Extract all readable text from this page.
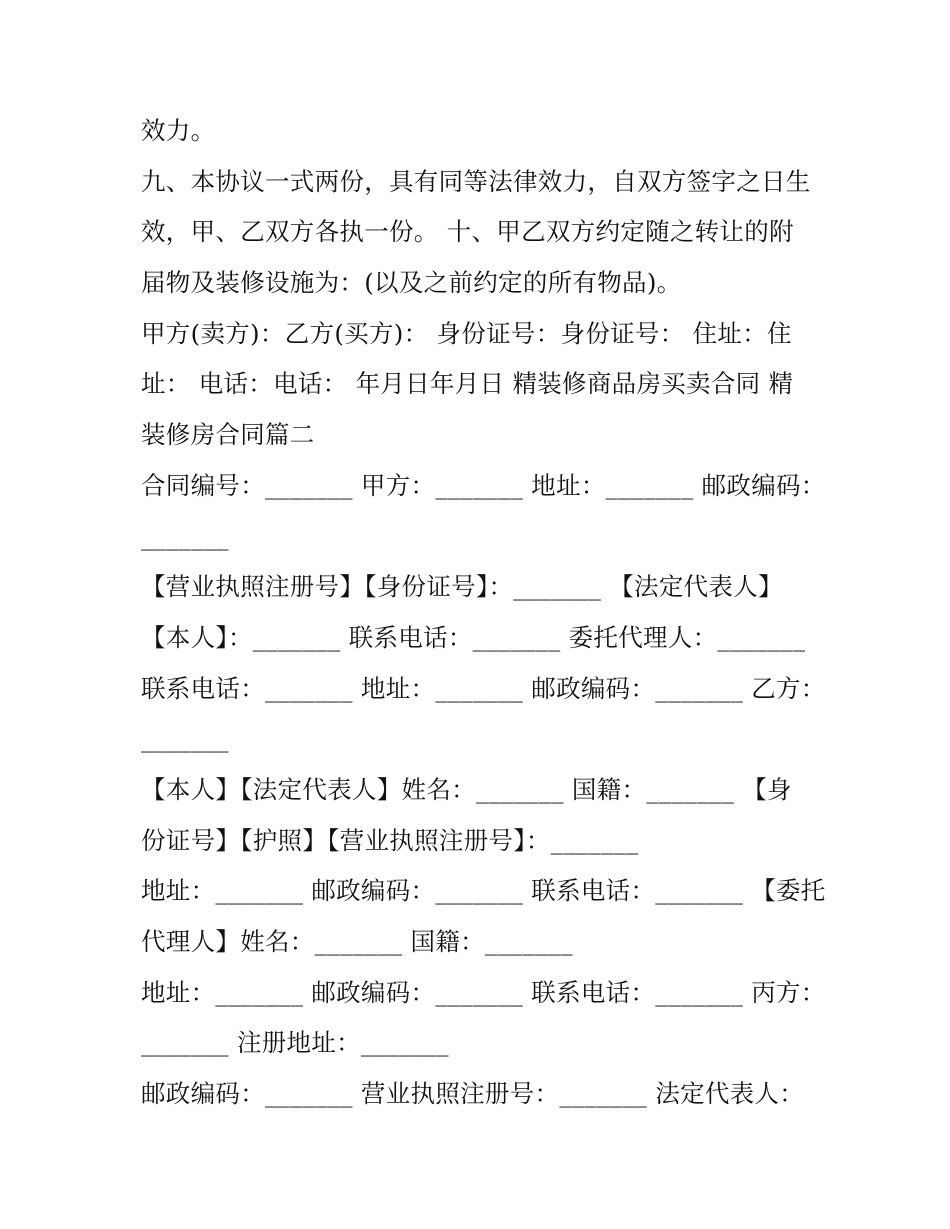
效力。
九、本协议一式两份，具有同等法律效力，自双方签字之日生
效，甲、乙双方各执一份。 十、甲乙双方约定随之转让的附
届物及装修设施为：(以及之前约定的所有物品)。
甲方(卖方)：乙方(买方)： 身份证号：身份证号： 住址：住
址： 电话：电话： 年月日年月日 精装修商品房买卖合同 精
装修房合同篇二
合同编号：_______ 甲方：_______ 地址：_______ 邮政编码：
_______
【营业执照注册号】【身份证号】：_______ 【法定代表人】
【本人】：_______ 联系电话：_______ 委托代理人：_______
联系电话：_______ 地址：_______ 邮政编码：_______ 乙方：
_______
【本人】【法定代表人】姓名：_______ 国籍：_______ 【身
份证号】【护照】【营业执照注册号】：_______
地址：_______ 邮政编码：_______ 联系电话：_______ 【委托
代理人】姓名：_______ 国籍：_______
地址：_______ 邮政编码：_______ 联系电话：_______ 丙方：
_______ 注册地址：_______
邮政编码：_______ 营业执照注册号：_______ 法定代表人：
